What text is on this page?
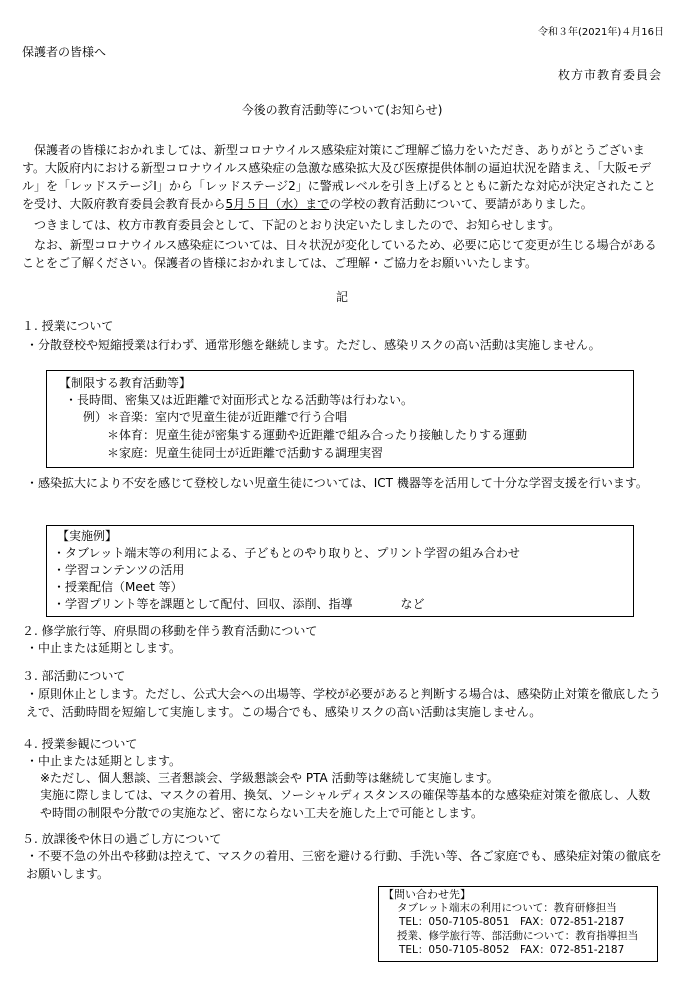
令和３年(2021年)４月16日
保護者の皆様へ
枚方市教育委員会
今後の教育活動等について(お知らせ)
保護者の皆様におかれましては、新型コロナウイルス感染症対策にご理解ご協力をいただき、ありがとうございます。大阪府内における新型コロナウイルス感染症の急激な感染拡大及び医療提供体制の逼迫状況を踏まえ、「大阪モデル」を「レッドステージⅠ」から「レッドステージ2」に警戒レベルを引き上げるとともに新たな対応が決定されたことを受け、大阪府教育委員会教育長から5月５日（水）までの学校の教育活動について、要請がありました。
つきましては、枚方市教育委員会として、下記のとおり決定いたしましたので、お知らせします。
なお、新型コロナウイルス感染症については、日々状況が変化しているため、必要に応じて変更が生じる場合があることをご了解ください。保護者の皆様におかれましては、ご理解・ご協力をお願いいたします。
記
１. 授業について
・分散登校や短縮授業は行わず、通常形態を継続します。ただし、感染リスクの高い活動は実施しません。
【制限する教育活動等】
・長時間、密集又は近距離で対面形式となる活動等は行わない。
例）＊音楽：室内で児童生徒が近距離で行う合唱
＊体育：児童生徒が密集する運動や近距離で組み合ったり接触したりする運動
＊家庭：児童生徒同士が近距離で活動する調理実習
・感染拡大により不安を感じて登校しない児童生徒については、ICT 機器等を活用して十分な学習支援を行います。
【実施例】
・タブレット端末等の利用による、子どもとのやり取りと、プリント学習の組み合わせ
・学習コンテンツの活用
・授業配信（Meet 等）
・学習プリント等を課題として配付、回収、添削、指導　　　　など
２. 修学旅行等、府県間の移動を伴う教育活動について
・中止または延期とします。
３. 部活動について
・原則休止とします。ただし、公式大会への出場等、学校が必要があると判断する場合は、感染防止対策を徹底したうえで、活動時間を短縮して実施します。この場合でも、感染リスクの高い活動は実施しません。
４. 授業参観について
・中止または延期とします。
※ただし、個人懇談、三者懇談会、学級懇談会や PTA 活動等は継続して実施します。
実施に際しましては、マスクの着用、換気、ソーシャルディスタンスの確保等基本的な感染症対策を徹底し、人数や時間の制限や分散での実施など、密にならない工夫を施した上で可能とします。
５. 放課後や休日の過ごし方について
・不要不急の外出や移動は控えて、マスクの着用、三密を避ける行動、手洗い等、各ご家庭でも、感染症対策の徹底をお願いします。
【問い合わせ先】
タブレット端末の利用について：教育研修担当
TEL：050-7105-8051　FAX：072-851-2187
授業、修学旅行等、部活動について：教育指導担当
TEL：050-7105-8052　FAX：072-851-2187
